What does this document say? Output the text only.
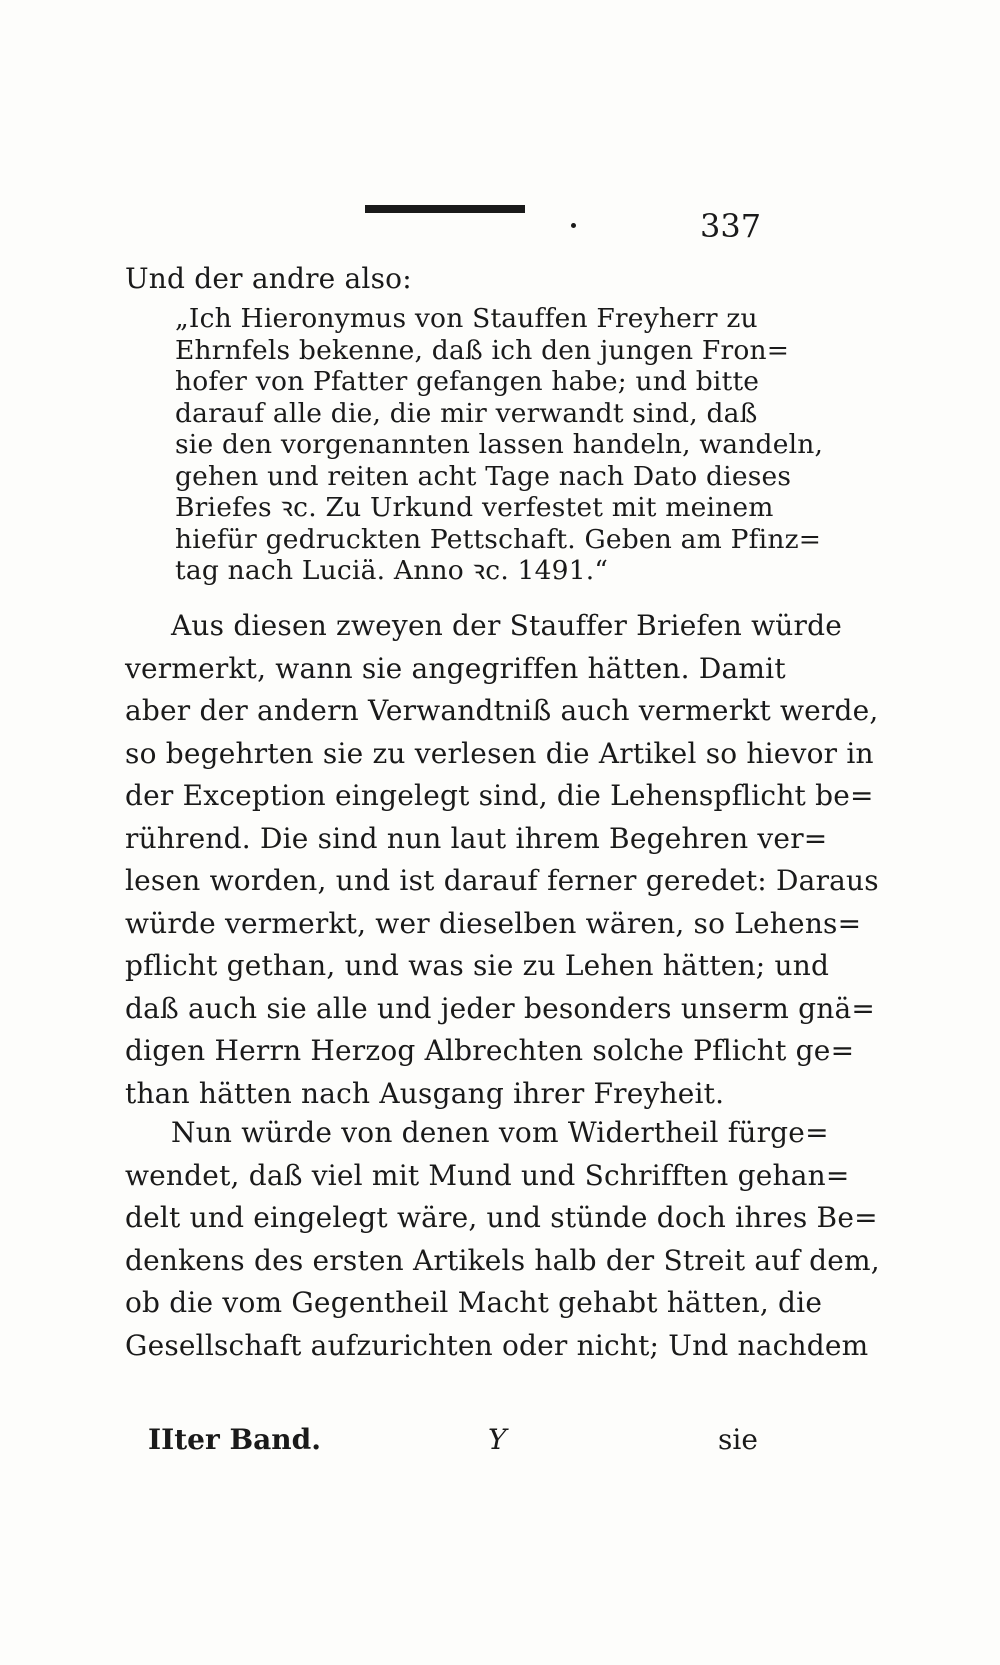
337
Und der andre also:
„Ich Hieronymus von Stauffen Freyherr zu
Ehrnfels bekenne, daß ich den jungen Fron=
hofer von Pfatter gefangen habe; und bitte
darauf alle die, die mir verwandt sind, daß
sie den vorgenannten lassen handeln, wandeln,
gehen und reiten acht Tage nach Dato dieses
Briefes ꝛc. Zu Urkund verfestet mit meinem
hiefür gedruckten Pettschaft. Geben am Pfinz=
tag nach Luciä. Anno ꝛc. 1491.“
Aus diesen zweyen der Stauffer Briefen würde
vermerkt, wann sie angegriffen hätten. Damit
aber der andern Verwandtniß auch vermerkt werde,
so begehrten sie zu verlesen die Artikel so hievor in
der Exception eingelegt sind, die Lehenspflicht be=
rührend. Die sind nun laut ihrem Begehren ver=
lesen worden, und ist darauf ferner geredet: Daraus
würde vermerkt, wer dieselben wären, so Lehens=
pflicht gethan, und was sie zu Lehen hätten; und
daß auch sie alle und jeder besonders unserm gnä=
digen Herrn Herzog Albrechten solche Pflicht ge=
than hätten nach Ausgang ihrer Freyheit.
Nun würde von denen vom Widertheil fürge=
wendet, daß viel mit Mund und Schrifften gehan=
delt und eingelegt wäre, und stünde doch ihres Be=
denkens des ersten Artikels halb der Streit auf dem,
ob die vom Gegentheil Macht gehabt hätten, die
Gesellschaft aufzurichten oder nicht; Und nachdem
IIter Band.	Y	sie
